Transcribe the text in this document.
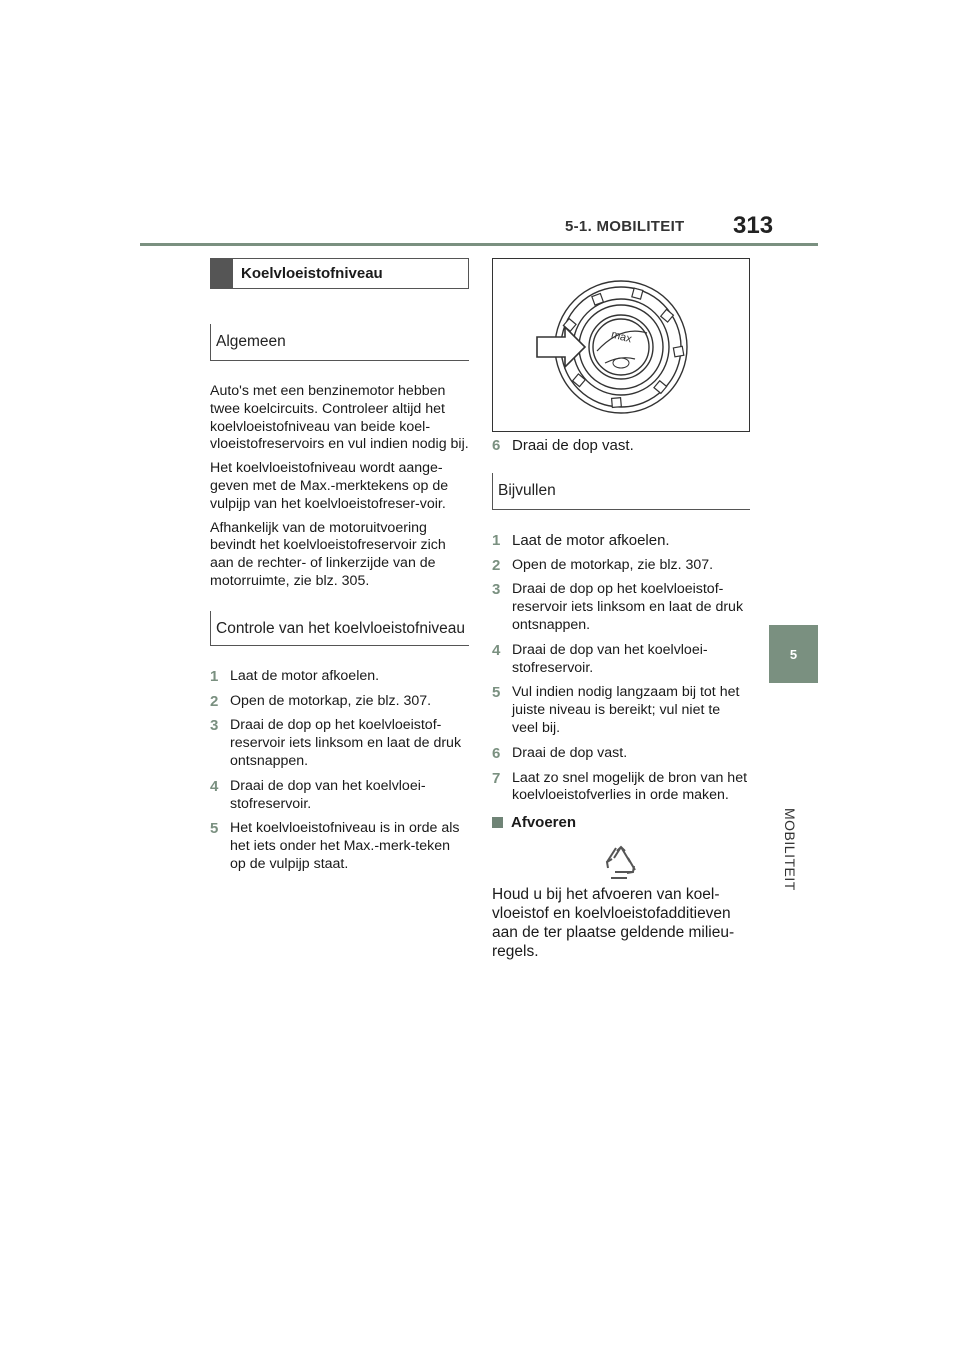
5-1. MOBILITEIT 313
5
MOBILITEIT
Koelvloeistofniveau
Algemeen

Auto's met een benzinemotor hebben twee koelcircuits. Controleer altijd het koelvloeistofniveau van beide koel-vloeistofreservoirs en vul indien nodig bij.

Het koelvloeistofniveau wordt aange-geven met de Max.-merktekens op de vulpijp van het koelvloeistofreser-voir.

Afhankelijk van de motoruitvoering bevindt het koelvloeistofreservoir zich aan de rechter- of linkerzijde van de motorruimte, zie blz. 305.

Controle van het koelvloeistofniveau
1 Laat de motor afkoelen.
2 Open de motorkap, zie blz. 307.
3 Draai de dop op het koelvloeistof-reservoir iets linksom en laat de druk ontsnappen.
4 Draai de dop van het koelvloei-stofreservoir.
5 Het koelvloeistofniveau is in orde als het iets onder het Max.-merk-teken op de vulpijp staat.
max
6 Draai de dop vast.
Bijvullen
1 Laat de motor afkoelen.
2 Open de motorkap, zie blz. 307.
3 Draai de dop op het koelvloeistof-reservoir iets linksom en laat de druk ontsnappen.
4 Draai de dop van het koelvloei-stofreservoir.
5 Vul indien nodig langzaam bij tot het juiste niveau is bereikt; vul niet te veel bij.
6 Draai de dop vast.
7 Laat zo snel mogelijk de bron van het koelvloeistofverlies in orde maken.
Afvoeren

Houd u bij het afvoeren van koel-vloeistof en koelvloeistofadditieven aan de ter plaatse geldende milieu-regels.
